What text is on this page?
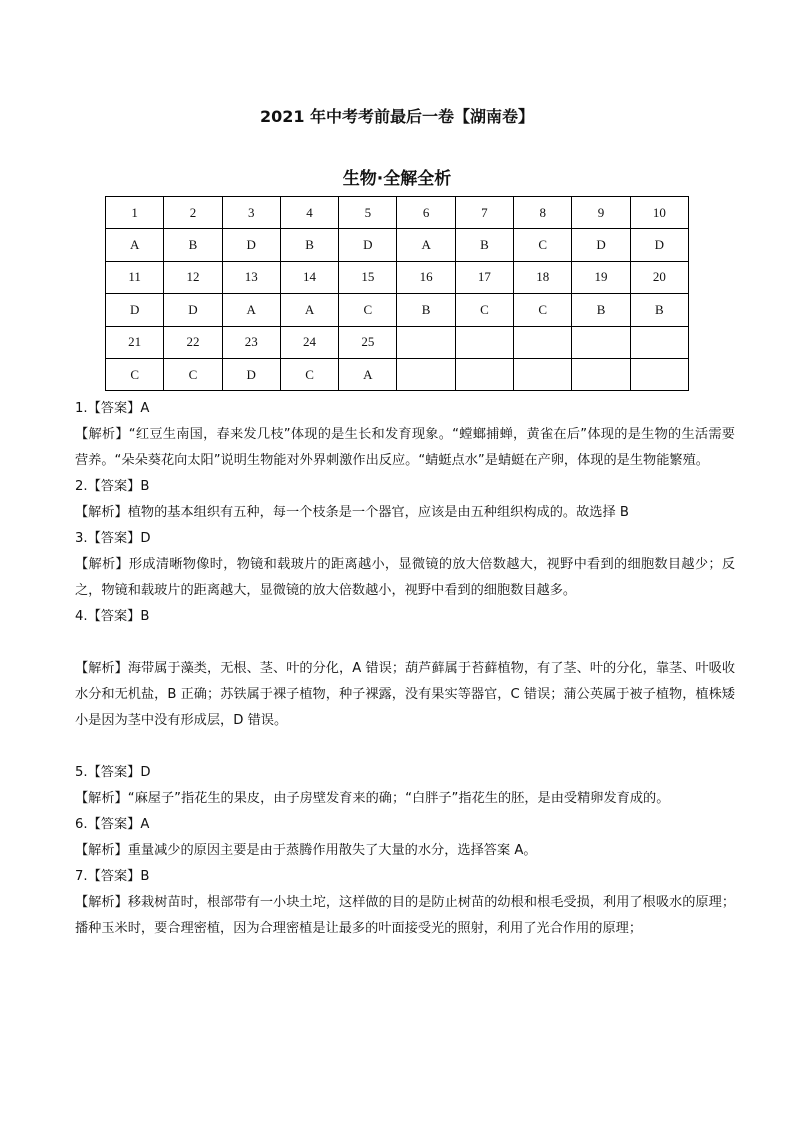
2021 年中考考前最后一卷【湖南卷】
生物·全解全析
1	2	3	4	5	6	7	8	9	10
A	B	D	B	D	A	B	C	D	D
11	12	13	14	15	16	17	18	19	20
D	D	A	A	C	B	C	C	B	B
21	22	23	24	25					
C	C	D	C	A					

1.【答案】A

【解析】“红豆生南国，春来发几枝”体现的是生长和发育现象。“螳螂捕蝉，黄雀在后”体现的是生物的生活需要营养。“朵朵葵花向太阳”说明生物能对外界刺激作出反应。“蜻蜓点水”是蜻蜓在产卵，体现的是生物能繁殖。

2.【答案】B

【解析】植物的基本组织有五种，每一个枝条是一个器官，应该是由五种组织构成的。故选择 B

3.【答案】D

【解析】形成清晰物像时，物镜和载玻片的距离越小，显微镜的放大倍数越大，视野中看到的细胞数目越少；反之，物镜和载玻片的距离越大，显微镜的放大倍数越小，视野中看到的细胞数目越多。

4.【答案】B

【解析】海带属于藻类，无根、茎、叶的分化，A 错误；葫芦藓属于苔藓植物，有了茎、叶的分化，靠茎、叶吸收水分和无机盐，B 正确；苏铁属于裸子植物，种子裸露，没有果实等器官，C 错误；蒲公英属于被子植物，植株矮小是因为茎中没有形成层，D 错误。

5.【答案】D

【解析】“麻屋子”指花生的果皮，由子房壁发育来的确；“白胖子”指花生的胚，是由受精卵发育成的。

6.【答案】A

【解析】重量减少的原因主要是由于蒸腾作用散失了大量的水分，选择答案 A。

7.【答案】B

【解析】移栽树苗时，根部带有一小块土坨，这样做的目的是防止树苗的幼根和根毛受损，利用了根吸水的原理；播种玉米时，要合理密植，因为合理密植是让最多的叶面接受光的照射，利用了光合作用的原理；
